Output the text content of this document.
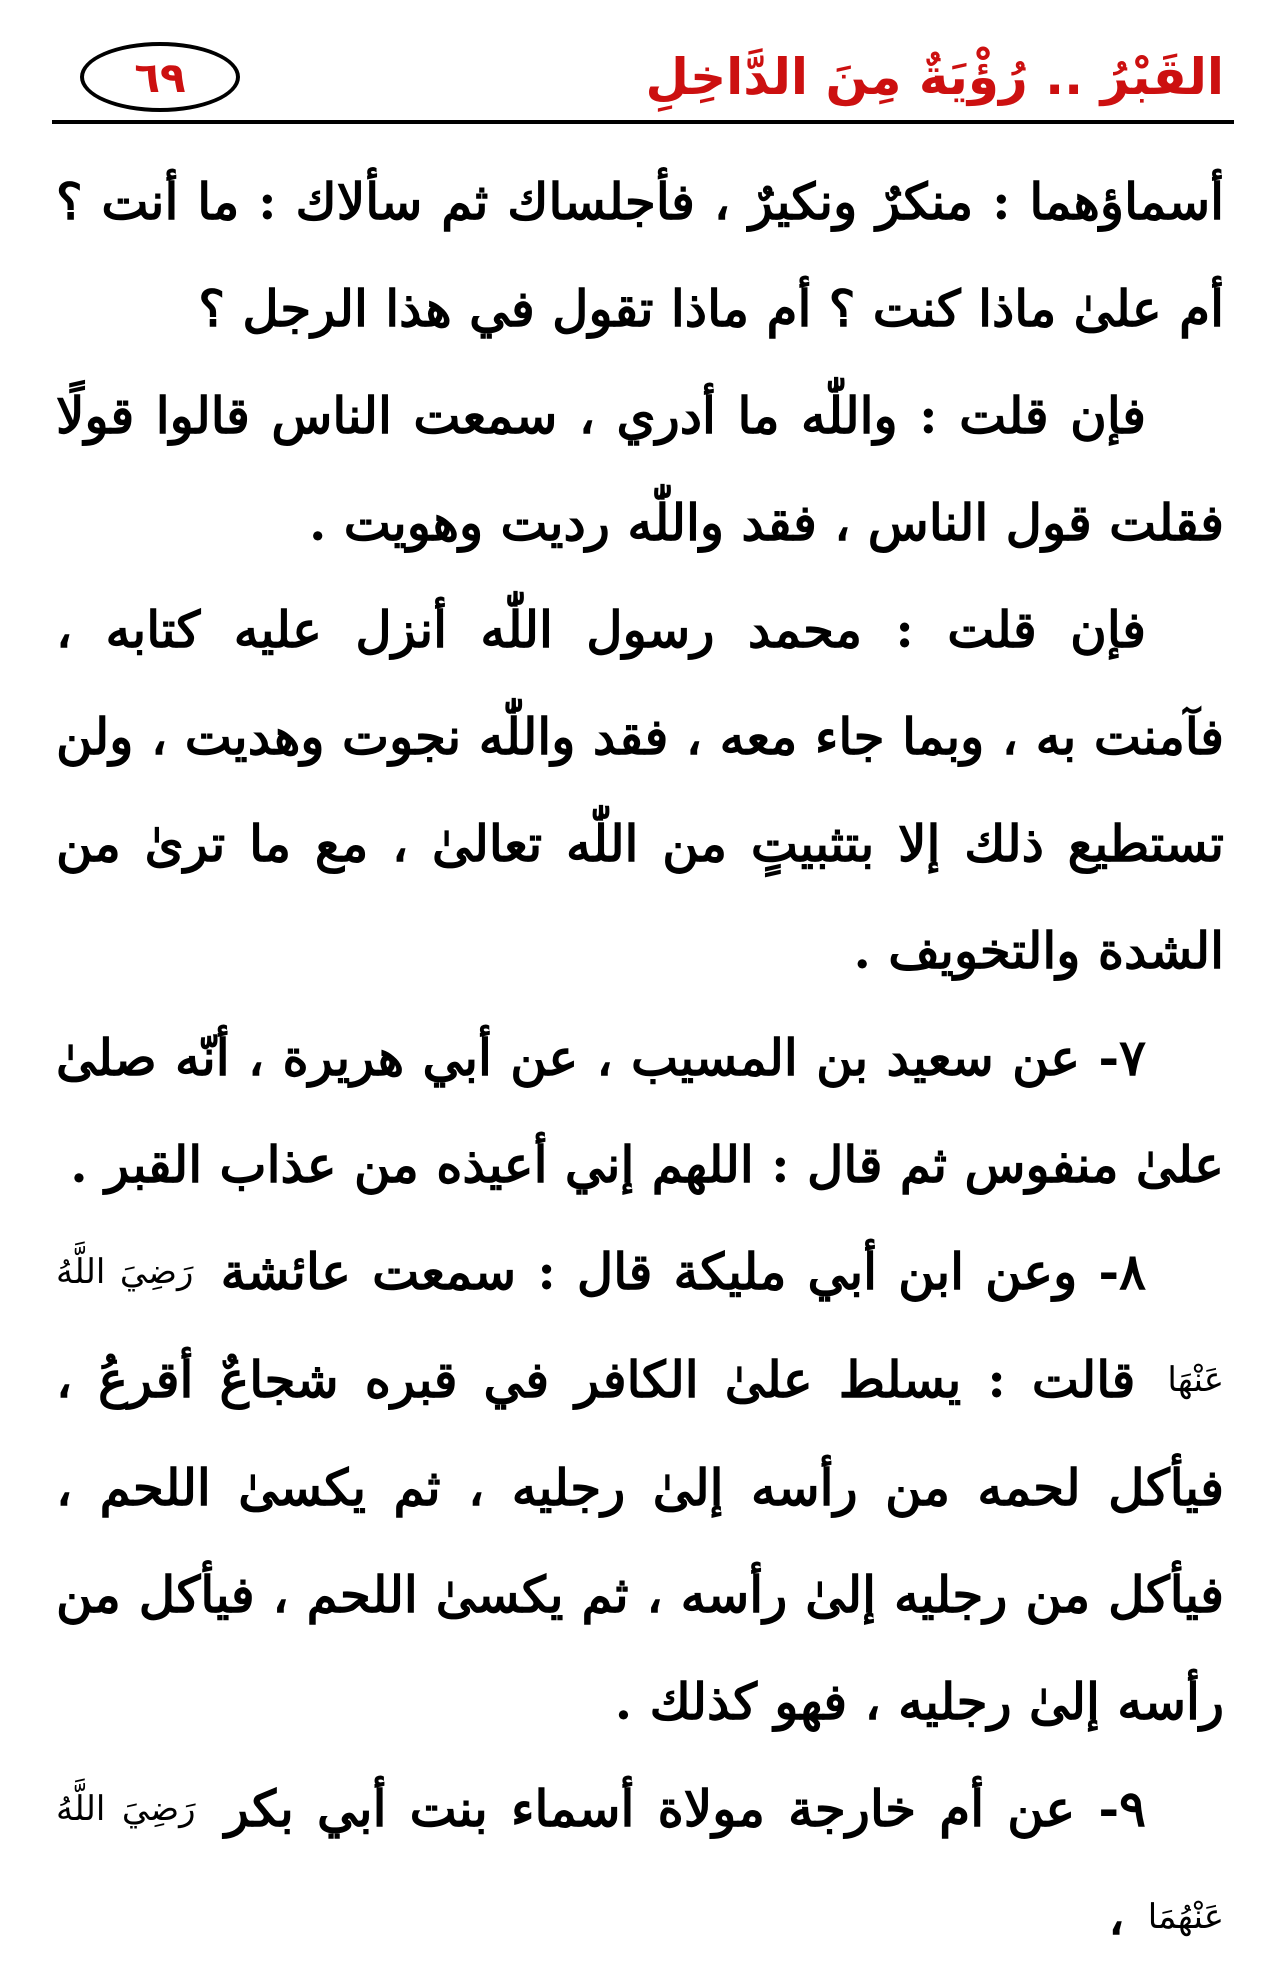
القَبْرُ .. رُؤْيَةٌ مِنَ الدَّاخِلِ
٦٩

أسماؤهما : منكرٌ ونكيرٌ ، فأجلساك ثم سألاك : ما أنت ؟ أم علىٰ ماذا كنت ؟ أم ماذا تقول في هذا الرجل ؟

فإن قلت : واللّٰه ما أدري ، سمعت الناس قالوا قولًا فقلت قول الناس ، فقد واللّٰه رديت وهويت .

فإن قلت : محمد رسول اللّٰه أنزل عليه كتابه ، فآمنت به ، وبما جاء معه ، فقد واللّٰه نجوت وهديت ، ولن تستطيع ذلك إلا بتثبيتٍ من اللّٰه تعالىٰ ، مع ما ترىٰ من الشدة والتخويف .

٧- عن سعيد بن المسيب ، عن أبي هريرة ، أنّه صلىٰ علىٰ منفوس ثم قال : اللهم إني أعيذه من عذاب القبر .

٨- وعن ابن أبي مليكة قال : سمعت عائشة رَضِيَ اللَّهُ عَنْهَا قالت : يسلط علىٰ الكافر في قبره شجاعٌ أقرعُ ، فيأكل لحمه من رأسه إلىٰ رجليه ، ثم يكسىٰ اللحم ، فيأكل من رجليه إلىٰ رأسه ، ثم يكسىٰ اللحم ، فيأكل من رأسه إلىٰ رجليه ، فهو كذلك .

٩- عن أم خارجة مولاة أسماء بنت أبي بكر رَضِيَ اللَّهُ عَنْهُمَا ،
